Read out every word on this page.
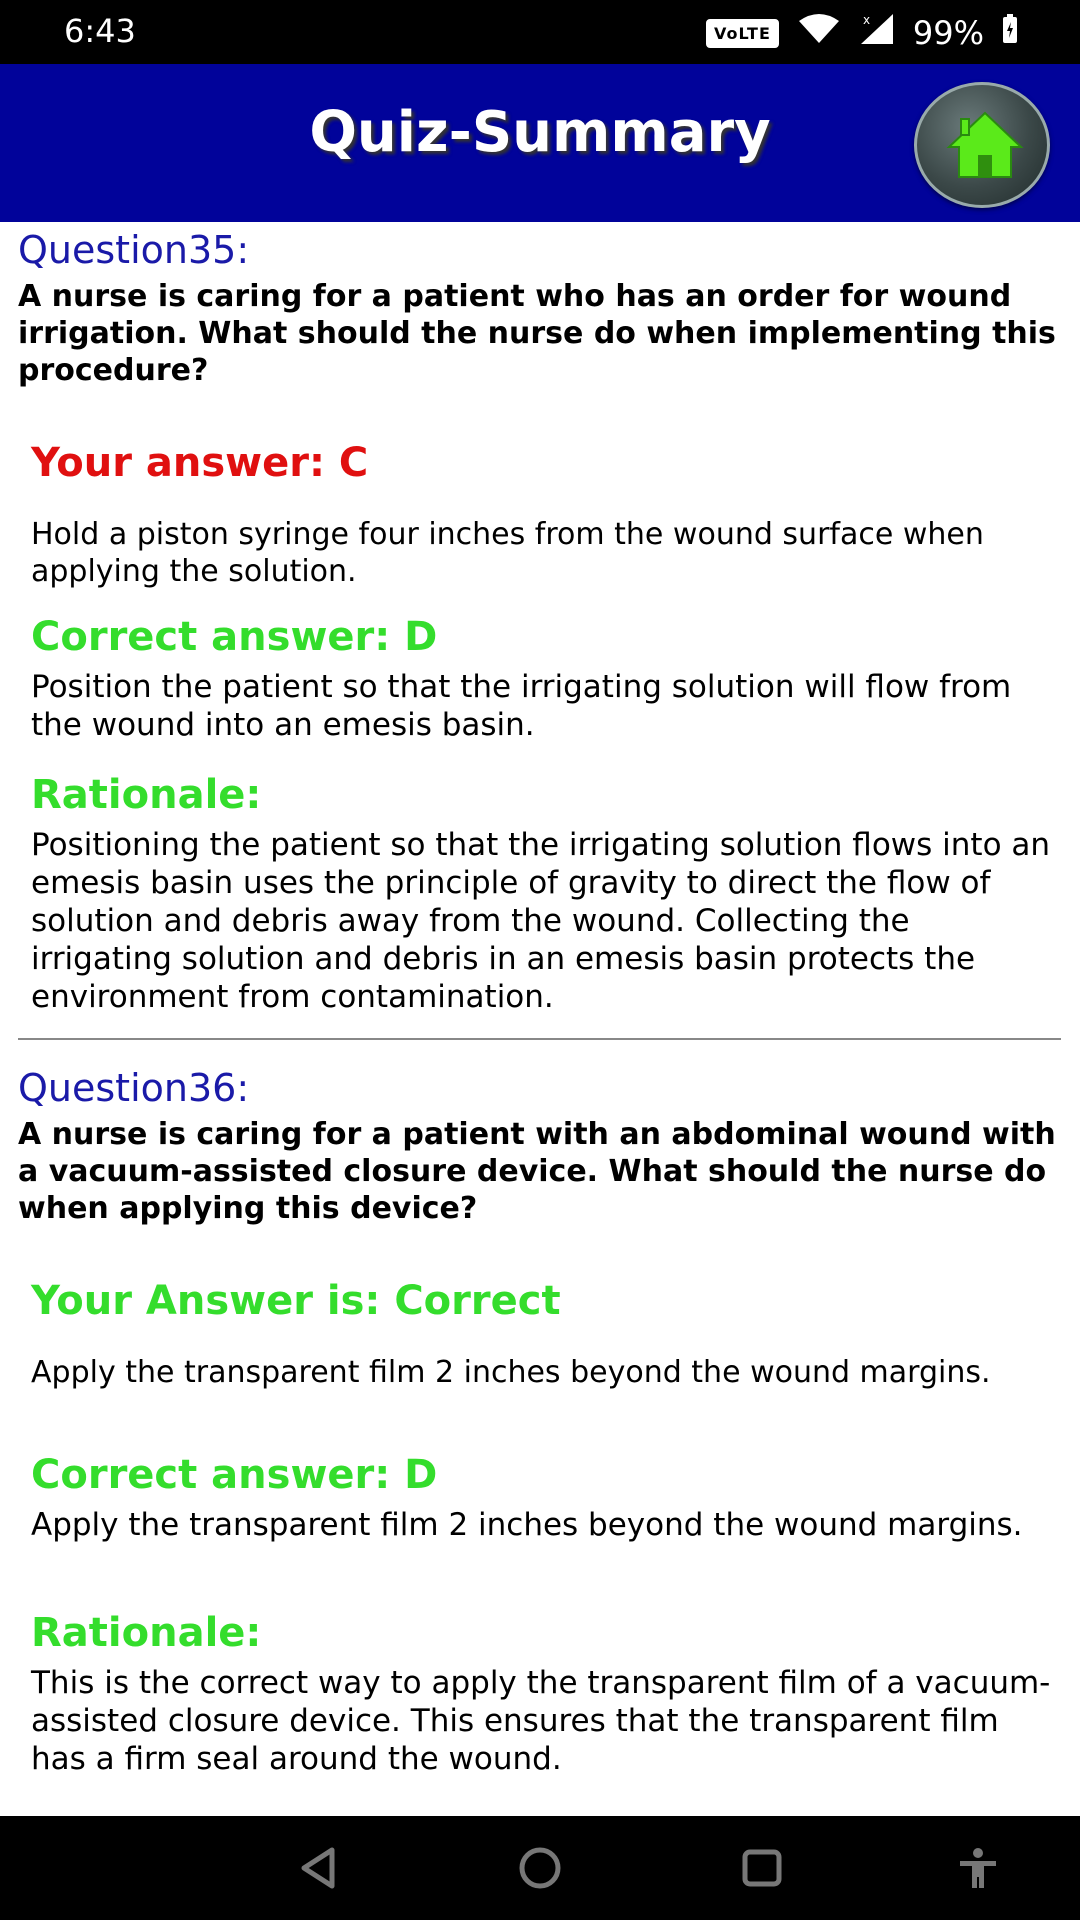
6:43	VoLTE
x 99%
Quiz-Summary
Question35:
A nurse is caring for a patient who has an order for wound irrigation. What should the nurse do when implementing this procedure?
Your answer: C
Hold a piston syringe four inches from the wound surface when applying the solution.
Correct answer: D
Position the patient so that the irrigating solution will flow from the wound into an emesis basin.
Rationale:
Positioning the patient so that the irrigating solution flows into an emesis basin uses the principle of gravity to direct the flow of solution and debris away from the wound. Collecting the irrigating solution and debris in an emesis basin protects the environment from contamination.
Question36:
A nurse is caring for a patient with an abdominal wound with a vacuum-assisted closure device. What should the nurse do when applying this device?
Your Answer is: Correct
Apply the transparent film 2 inches beyond the wound margins.
Correct answer: D
Apply the transparent film 2 inches beyond the wound margins.
Rationale:
This is the correct way to apply the transparent film of a vacuum-assisted closure device. This ensures that the transparent film has a firm seal around the wound.
